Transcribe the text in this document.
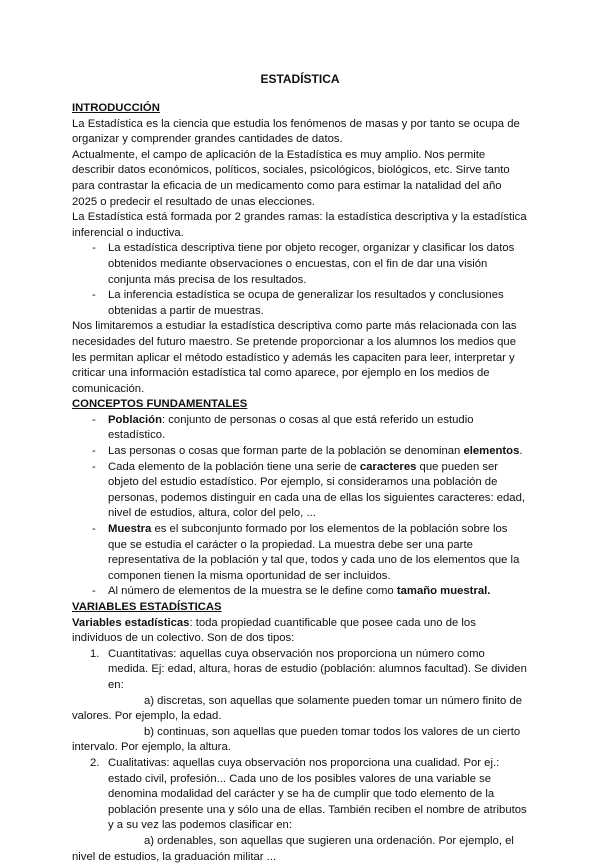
ESTADÍSTICA

INTRODUCCIÓN

La Estadística es la ciencia que estudia los fenómenos de masas y por tanto se ocupa de organizar y comprender grandes cantidades de datos.

Actualmente, el campo de aplicación de la Estadística es muy amplio. Nos permite describir datos económicos, políticos, sociales, psicológicos, biológicos, etc. Sirve tanto para contrastar la eficacia de un medicamento como para estimar la natalidad del año 2025 o predecir el resultado de unas elecciones.

La Estadística está formada por 2 grandes ramas: la estadística descriptiva y la estadística inferencial o inductiva.

- La estadística descriptiva tiene por objeto recoger, organizar y clasificar los datos obtenidos mediante observaciones o encuestas, con el fin de dar una visión conjunta más precisa de los resultados.
- La inferencia estadística se ocupa de generalizar los resultados y conclusiones obtenidas a partir de muestras.

Nos limitaremos a estudiar la estadística descriptiva como parte más relacionada con las necesidades del futuro maestro. Se pretende proporcionar a los alumnos los medios que les permitan aplicar el método estadístico y además les capaciten para leer, interpretar y criticar una información estadística tal como aparece, por ejemplo en los medios de comunicación.

CONCEPTOS FUNDAMENTALES

- Población: conjunto de personas o cosas al que está referido un estudio estadístico.
- Las personas o cosas que forman parte de la población se denominan elementos.
- Cada elemento de la población tiene una serie de caracteres que pueden ser objeto del estudio estadístico. Por ejemplo, si consideramos una población de personas, podemos distinguir en cada una de ellas los siguientes caracteres: edad, nivel de estudios, altura, color del pelo, ...
- Muestra es el subconjunto formado por los elementos de la población sobre los que se estudia el carácter o la propiedad. La muestra debe ser una parte representativa de la población y tal que, todos y cada uno de los elementos que la componen tienen la misma oportunidad de ser incluidos.
- Al número de elementos de la muestra se le define como tamaño muestral.

VARIABLES ESTADÍSTICAS

Variables estadísticas: toda propiedad cuantificable que posee cada uno de los individuos de un colectivo. Son de dos tipos:

1. Cuantitativas: aquellas cuya observación nos proporciona un número como medida. Ej: edad, altura, horas de estudio (población: alumnos facultad). Se dividen en:

a) discretas, son aquellas que solamente pueden tomar un número finito de valores. Por ejemplo, la edad.

b) continuas, son aquellas que pueden tomar todos los valores de un cierto intervalo. Por ejemplo, la altura.

2. Cualitativas: aquellas cuya observación nos proporciona una cualidad. Por ej.: estado civil, profesión... Cada uno de los posibles valores de una variable se denomina modalidad del carácter y se ha de cumplir que todo elemento de la población presente una y sólo una de ellas. También reciben el nombre de atributos y a su vez las podemos clasificar en:

a) ordenables, son aquellas que sugieren una ordenación. Por ejemplo, el nivel de estudios, la graduación militar ...
